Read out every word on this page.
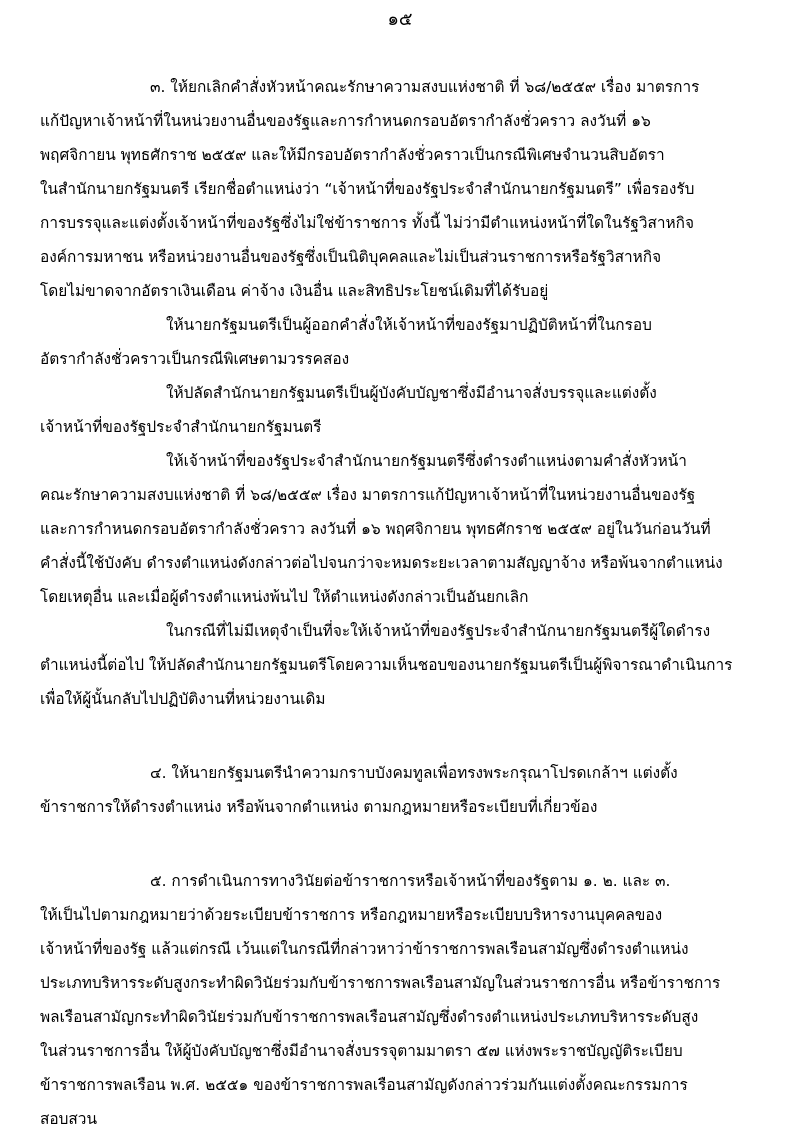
๑๕
๓. ให้ยกเลิกคำสั่งหัวหน้าคณะรักษาความสงบแห่งชาติ ที่ ๖๘/๒๕๕๙ เรื่อง มาตรการ
แก้ปัญหาเจ้าหน้าที่ในหน่วยงานอื่นของรัฐและการกำหนดกรอบอัตรากำลังชั่วคราว ลงวันที่ ๑๖
พฤศจิกายน พุทธศักราช ๒๕๕๙ และให้มีกรอบอัตรากำลังชั่วคราวเป็นกรณีพิเศษจำนวนสิบอัตรา
ในสำนักนายกรัฐมนตรี เรียกชื่อตำแหน่งว่า “เจ้าหน้าที่ของรัฐประจำสำนักนายกรัฐมนตรี” เพื่อรองรับ
การบรรจุและแต่งตั้งเจ้าหน้าที่ของรัฐซึ่งไม่ใช่ข้าราชการ ทั้งนี้ ไม่ว่ามีตำแหน่งหน้าที่ใดในรัฐวิสาหกิจ
องค์การมหาชน หรือหน่วยงานอื่นของรัฐซึ่งเป็นนิติบุคคลและไม่เป็นส่วนราชการหรือรัฐวิสาหกิจ
โดยไม่ขาดจากอัตราเงินเดือน ค่าจ้าง เงินอื่น และสิทธิประโยชน์เดิมที่ได้รับอยู่
ให้นายกรัฐมนตรีเป็นผู้ออกคำสั่งให้เจ้าหน้าที่ของรัฐมาปฏิบัติหน้าที่ในกรอบ
อัตรากำลังชั่วคราวเป็นกรณีพิเศษตามวรรคสอง
ให้ปลัดสำนักนายกรัฐมนตรีเป็นผู้บังคับบัญชาซึ่งมีอำนาจสั่งบรรจุและแต่งตั้ง
เจ้าหน้าที่ของรัฐประจำสำนักนายกรัฐมนตรี
ให้เจ้าหน้าที่ของรัฐประจำสำนักนายกรัฐมนตรีซึ่งดำรงตำแหน่งตามคำสั่งหัวหน้า
คณะรักษาความสงบแห่งชาติ ที่ ๖๘/๒๕๕๙ เรื่อง มาตรการแก้ปัญหาเจ้าหน้าที่ในหน่วยงานอื่นของรัฐ
และการกำหนดกรอบอัตรากำลังชั่วคราว ลงวันที่ ๑๖ พฤศจิกายน พุทธศักราช ๒๕๕๙ อยู่ในวันก่อนวันที่
คำสั่งนี้ใช้บังคับ ดำรงตำแหน่งดังกล่าวต่อไปจนกว่าจะหมดระยะเวลาตามสัญญาจ้าง หรือพ้นจากตำแหน่ง
โดยเหตุอื่น และเมื่อผู้ดำรงตำแหน่งพ้นไป ให้ตำแหน่งดังกล่าวเป็นอันยกเลิก
ในกรณีที่ไม่มีเหตุจำเป็นที่จะให้เจ้าหน้าที่ของรัฐประจำสำนักนายกรัฐมนตรีผู้ใดดำรง
ตำแหน่งนี้ต่อไป ให้ปลัดสำนักนายกรัฐมนตรีโดยความเห็นชอบของนายกรัฐมนตรีเป็นผู้พิจารณาดำเนินการ
เพื่อให้ผู้นั้นกลับไปปฏิบัติงานที่หน่วยงานเดิม
๔. ให้นายกรัฐมนตรีนำความกราบบังคมทูลเพื่อทรงพระกรุณาโปรดเกล้าฯ แต่งตั้ง
ข้าราชการให้ดำรงตำแหน่ง หรือพ้นจากตำแหน่ง ตามกฎหมายหรือระเบียบที่เกี่ยวข้อง
๕. การดำเนินการทางวินัยต่อข้าราชการหรือเจ้าหน้าที่ของรัฐตาม ๑. ๒. และ ๓.
ให้เป็นไปตามกฎหมายว่าด้วยระเบียบข้าราชการ หรือกฎหมายหรือระเบียบบริหารงานบุคคลของ
เจ้าหน้าที่ของรัฐ แล้วแต่กรณี เว้นแต่ในกรณีที่กล่าวหาว่าข้าราชการพลเรือนสามัญซึ่งดำรงตำแหน่ง
ประเภทบริหารระดับสูงกระทำผิดวินัยร่วมกับข้าราชการพลเรือนสามัญในส่วนราชการอื่น หรือข้าราชการ
พลเรือนสามัญกระทำผิดวินัยร่วมกับข้าราชการพลเรือนสามัญซึ่งดำรงตำแหน่งประเภทบริหารระดับสูง
ในส่วนราชการอื่น ให้ผู้บังคับบัญชาซึ่งมีอำนาจสั่งบรรจุตามมาตรา ๕๗ แห่งพระราชบัญญัติระเบียบ
ข้าราชการพลเรือน พ.ศ. ๒๕๕๑ ของข้าราชการพลเรือนสามัญดังกล่าวร่วมกันแต่งตั้งคณะกรรมการ
สอบสวน
